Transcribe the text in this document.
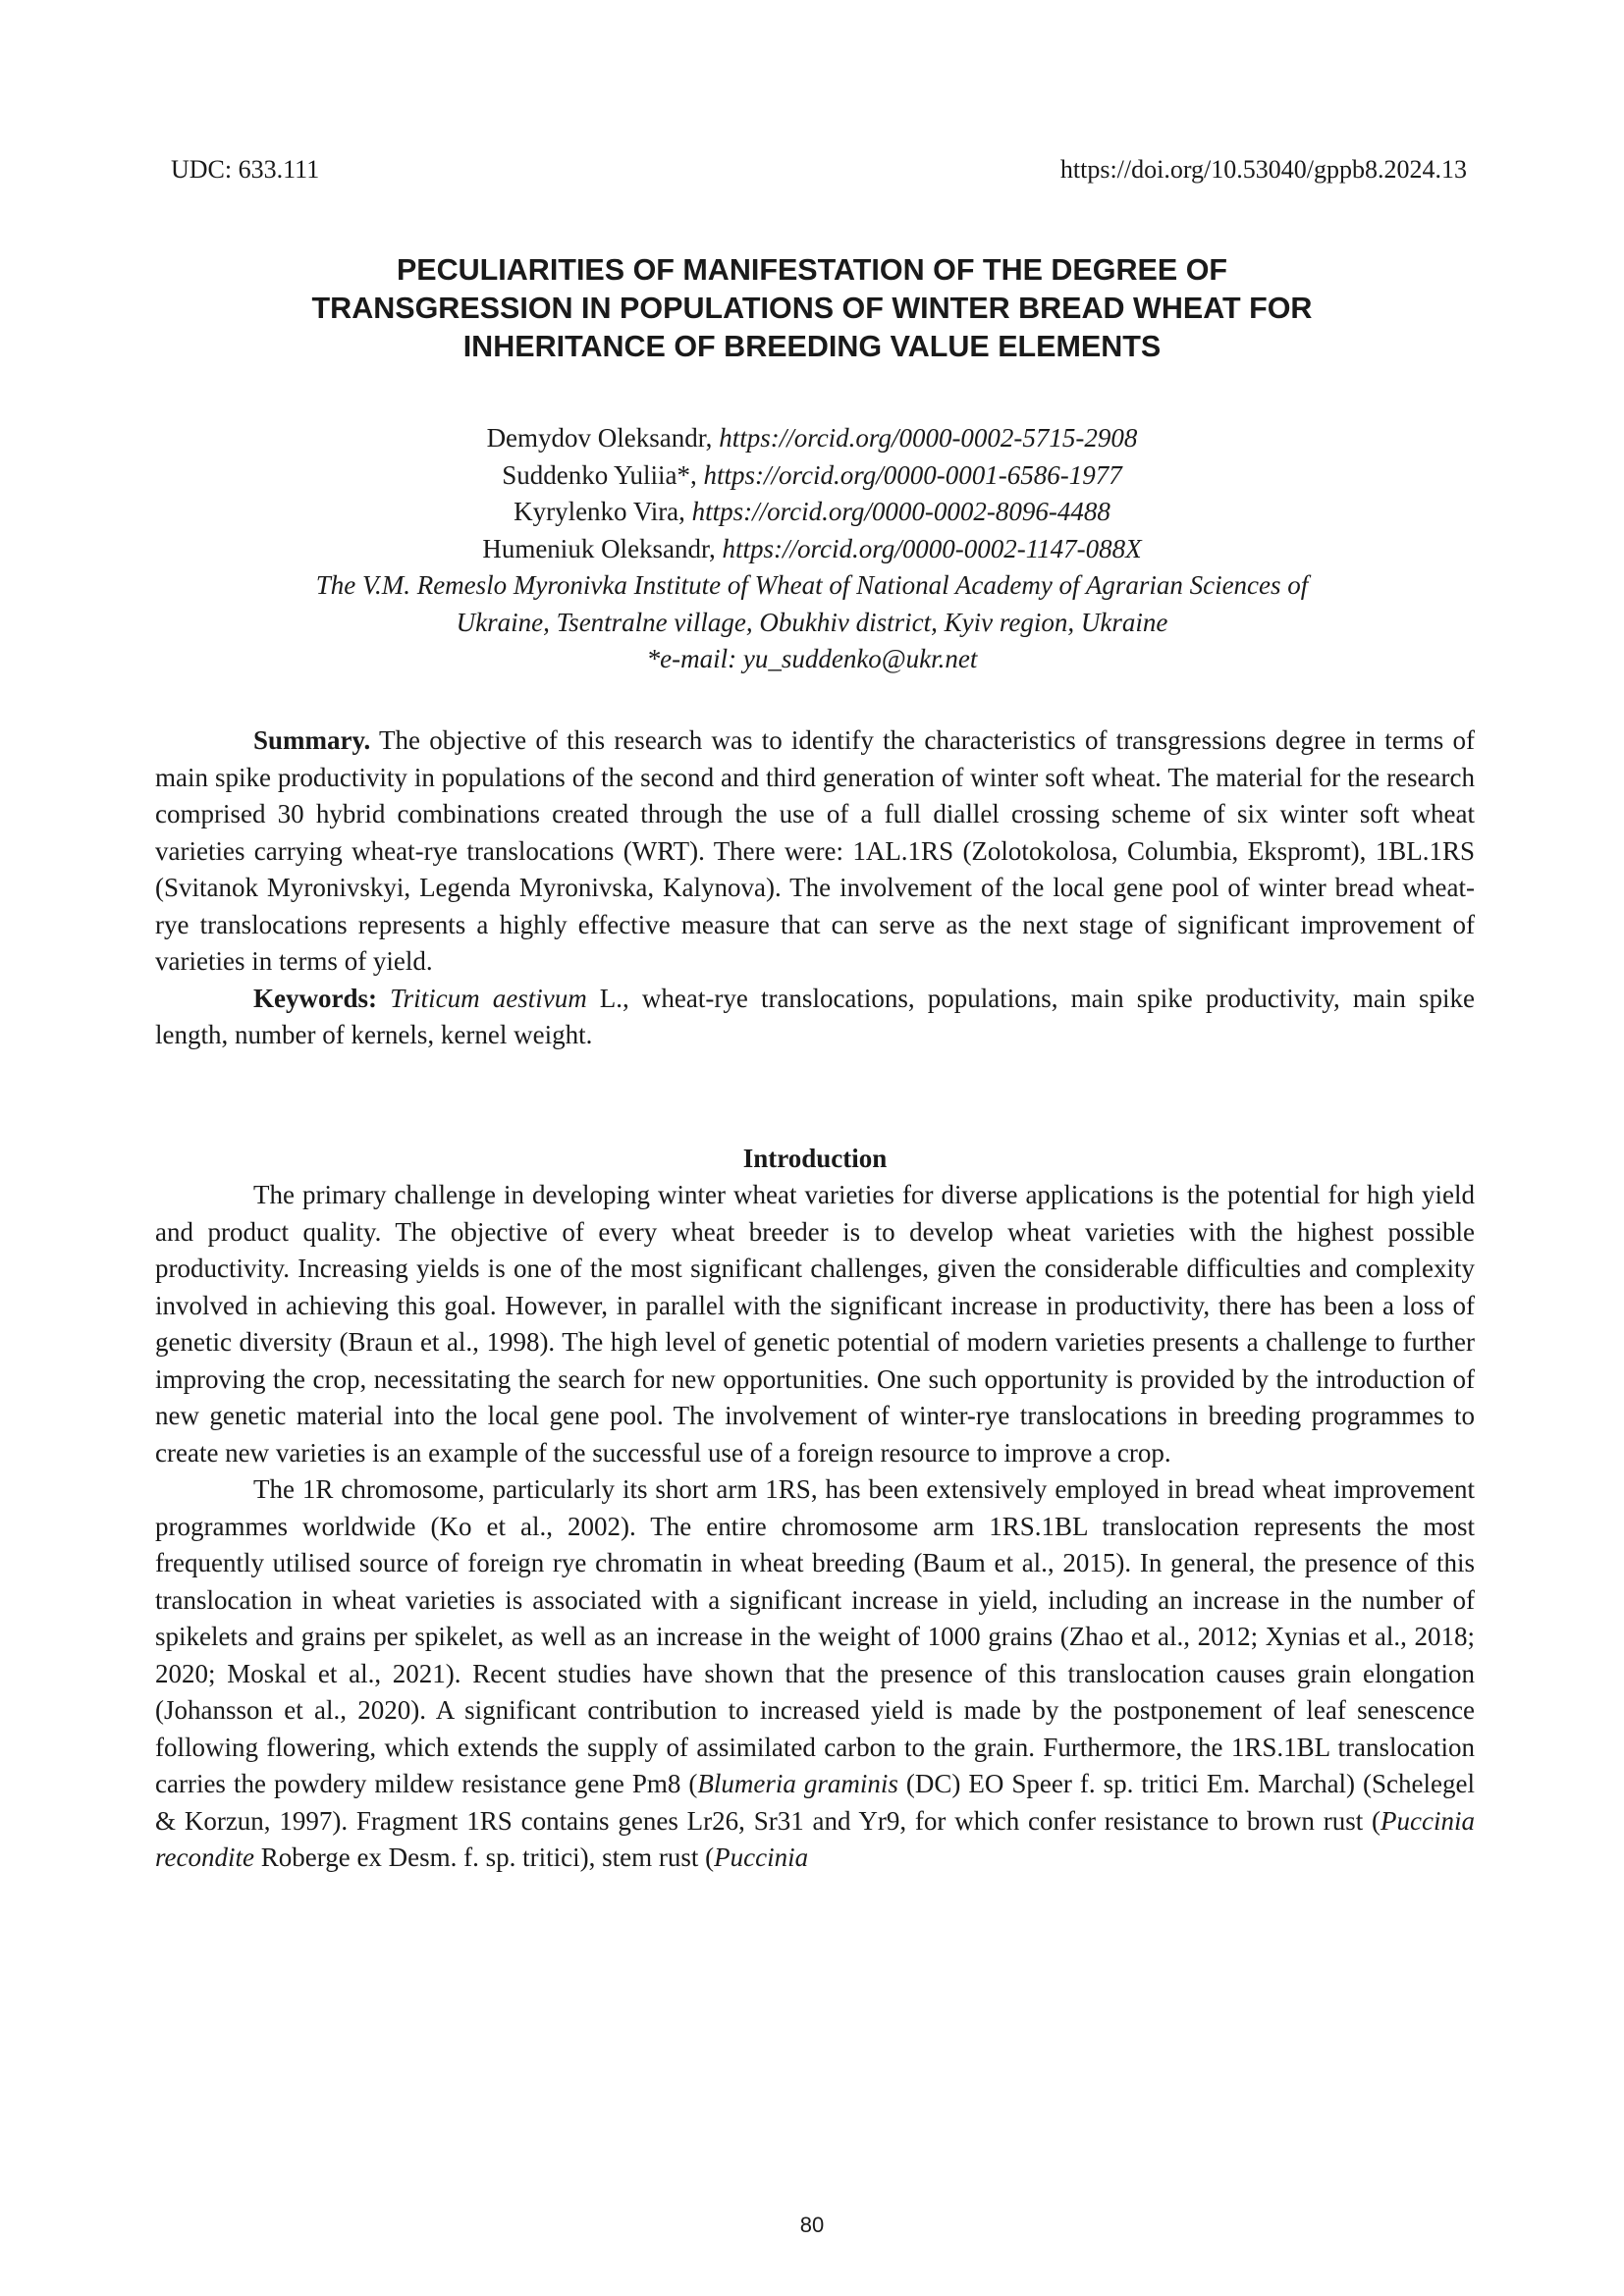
UDC: 633.111	https://doi.org/10.53040/gppb8.2024.13
PECULIARITIES OF MANIFESTATION OF THE DEGREE OF
TRANSGRESSION IN POPULATIONS OF WINTER BREAD WHEAT FOR
INHERITANCE OF BREEDING VALUE ELEMENTS
Demydov Oleksandr, https://orcid.org/0000-0002-5715-2908
Suddenko Yuliia*, https://orcid.org/0000-0001-6586-1977
Kyrylenko Vira, https://orcid.org/0000-0002-8096-4488
Humeniuk Oleksandr, https://orcid.org/0000-0002-1147-088X
The V.M. Remeslo Myronivka Institute of Wheat of National Academy of Agrarian Sciences of
Ukraine, Tsentralne village, Obukhiv district, Kyiv region, Ukraine
*e-mail: yu_suddenko@ukr.net

Summary. The objective of this research was to identify the characteristics of transgressions degree in terms of main spike productivity in populations of the second and third generation of winter soft wheat. The material for the research comprised 30 hybrid combinations created through the use of a full diallel crossing scheme of six winter soft wheat varieties carrying wheat-rye translocations (WRT). There were: 1AL.1RS (Zolotokolosa, Columbia, Ekspromt), 1BL.1RS (Svitanok Myronivskyi, Legenda Myronivska, Kalynova). The involvement of the local gene pool of winter bread wheat-rye translocations represents a highly effective measure that can serve as the next stage of significant improvement of varieties in terms of yield.

Keywords: Triticum aestivum L., wheat-rye translocations, populations, main spike productivity, main spike length, number of kernels, kernel weight.

Introduction

The primary challenge in developing winter wheat varieties for diverse applications is the potential for high yield and product quality. The objective of every wheat breeder is to develop wheat varieties with the highest possible productivity. Increasing yields is one of the most significant challenges, given the considerable difficulties and complexity involved in achieving this goal. However, in parallel with the significant increase in productivity, there has been a loss of genetic diversity (Braun et al., 1998). The high level of genetic potential of modern varieties presents a challenge to further improving the crop, necessitating the search for new opportunities. One such opportunity is provided by the introduction of new genetic material into the local gene pool. The involvement of winter-rye translocations in breeding programmes to create new varieties is an example of the successful use of a foreign resource to improve a crop.

The 1R chromosome, particularly its short arm 1RS, has been extensively employed in bread wheat improvement programmes worldwide (Ko et al., 2002). The entire chromosome arm 1RS.1BL translocation represents the most frequently utilised source of foreign rye chromatin in wheat breeding (Baum et al., 2015). In general, the presence of this translocation in wheat varieties is associated with a significant increase in yield, including an increase in the number of spikelets and grains per spikelet, as well as an increase in the weight of 1000 grains (Zhao et al., 2012; Xynias et al., 2018; 2020; Moskal et al., 2021). Recent studies have shown that the presence of this translocation causes grain elongation (Johansson et al., 2020). A significant contribution to increased yield is made by the postponement of leaf senescence following flowering, which extends the supply of assimilated carbon to the grain. Furthermore, the 1RS.1BL translocation carries the powdery mildew resistance gene Pm8 (Blumeria graminis (DC) EO Speer f. sp. tritici Em. Marchal) (Schelegel & Korzun, 1997). Fragment 1RS contains genes Lr26, Sr31 and Yr9, for which confer resistance to brown rust (Puccinia recondite Roberge ex Desm. f. sp. tritici), stem rust (Puccinia

80
